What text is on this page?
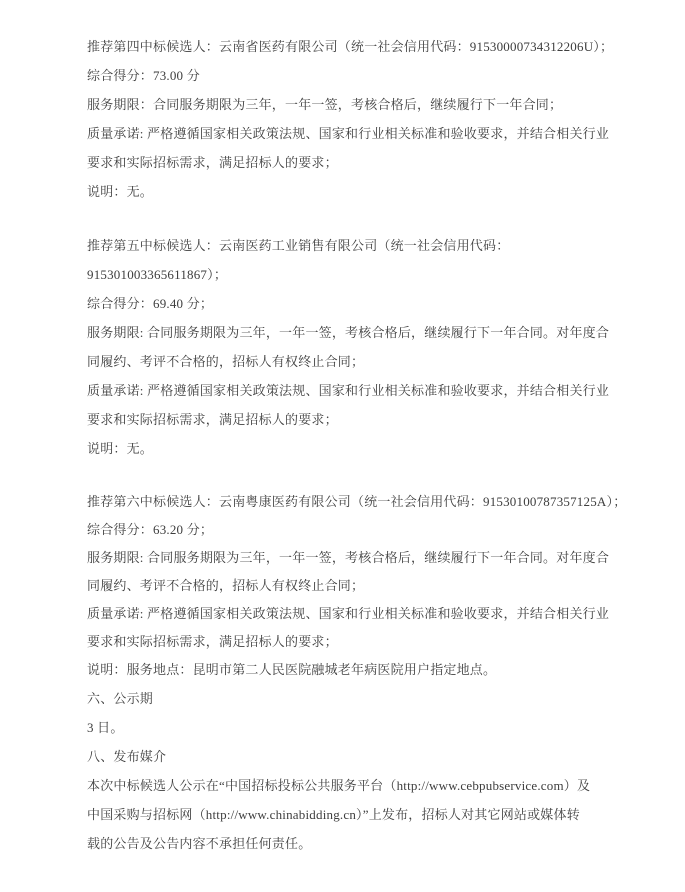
推荐第四中标候选人：云南省医药有限公司（统一社会信用代码：91530000734312206U）；
综合得分：73.00 分
服务期限：合同服务期限为三年，一年一签，考核合格后，继续履行下一年合同；
质量承诺: 严格遵循国家相关政策法规、国家和行业相关标准和验收要求，并结合相关行业
要求和实际招标需求，满足招标人的要求；
说明：无。
推荐第五中标候选人：云南医药工业销售有限公司（统一社会信用代码：
915301003365611867）；
综合得分：69.40 分；
服务期限: 合同服务期限为三年，一年一签，考核合格后，继续履行下一年合同。对年度合
同履约、考评不合格的，招标人有权终止合同；
质量承诺: 严格遵循国家相关政策法规、国家和行业相关标准和验收要求，并结合相关行业
要求和实际招标需求，满足招标人的要求；
说明：无。
推荐第六中标候选人：云南粤康医药有限公司（统一社会信用代码：91530100787357125A）；
综合得分：63.20 分；
服务期限: 合同服务期限为三年，一年一签，考核合格后，继续履行下一年合同。对年度合
同履约、考评不合格的，招标人有权终止合同；
质量承诺: 严格遵循国家相关政策法规、国家和行业相关标准和验收要求，并结合相关行业
要求和实际招标需求，满足招标人的要求；
说明：服务地点：昆明市第二人民医院融城老年病医院用户指定地点。
六、公示期
3 日。
八、发布媒介
本次中标候选人公示在“中国招标投标公共服务平台（http://www.cebpubservice.com）及
中国采购与招标网（http://www.chinabidding.cn）”上发布，招标人对其它网站或媒体转
载的公告及公告内容不承担任何责任。
